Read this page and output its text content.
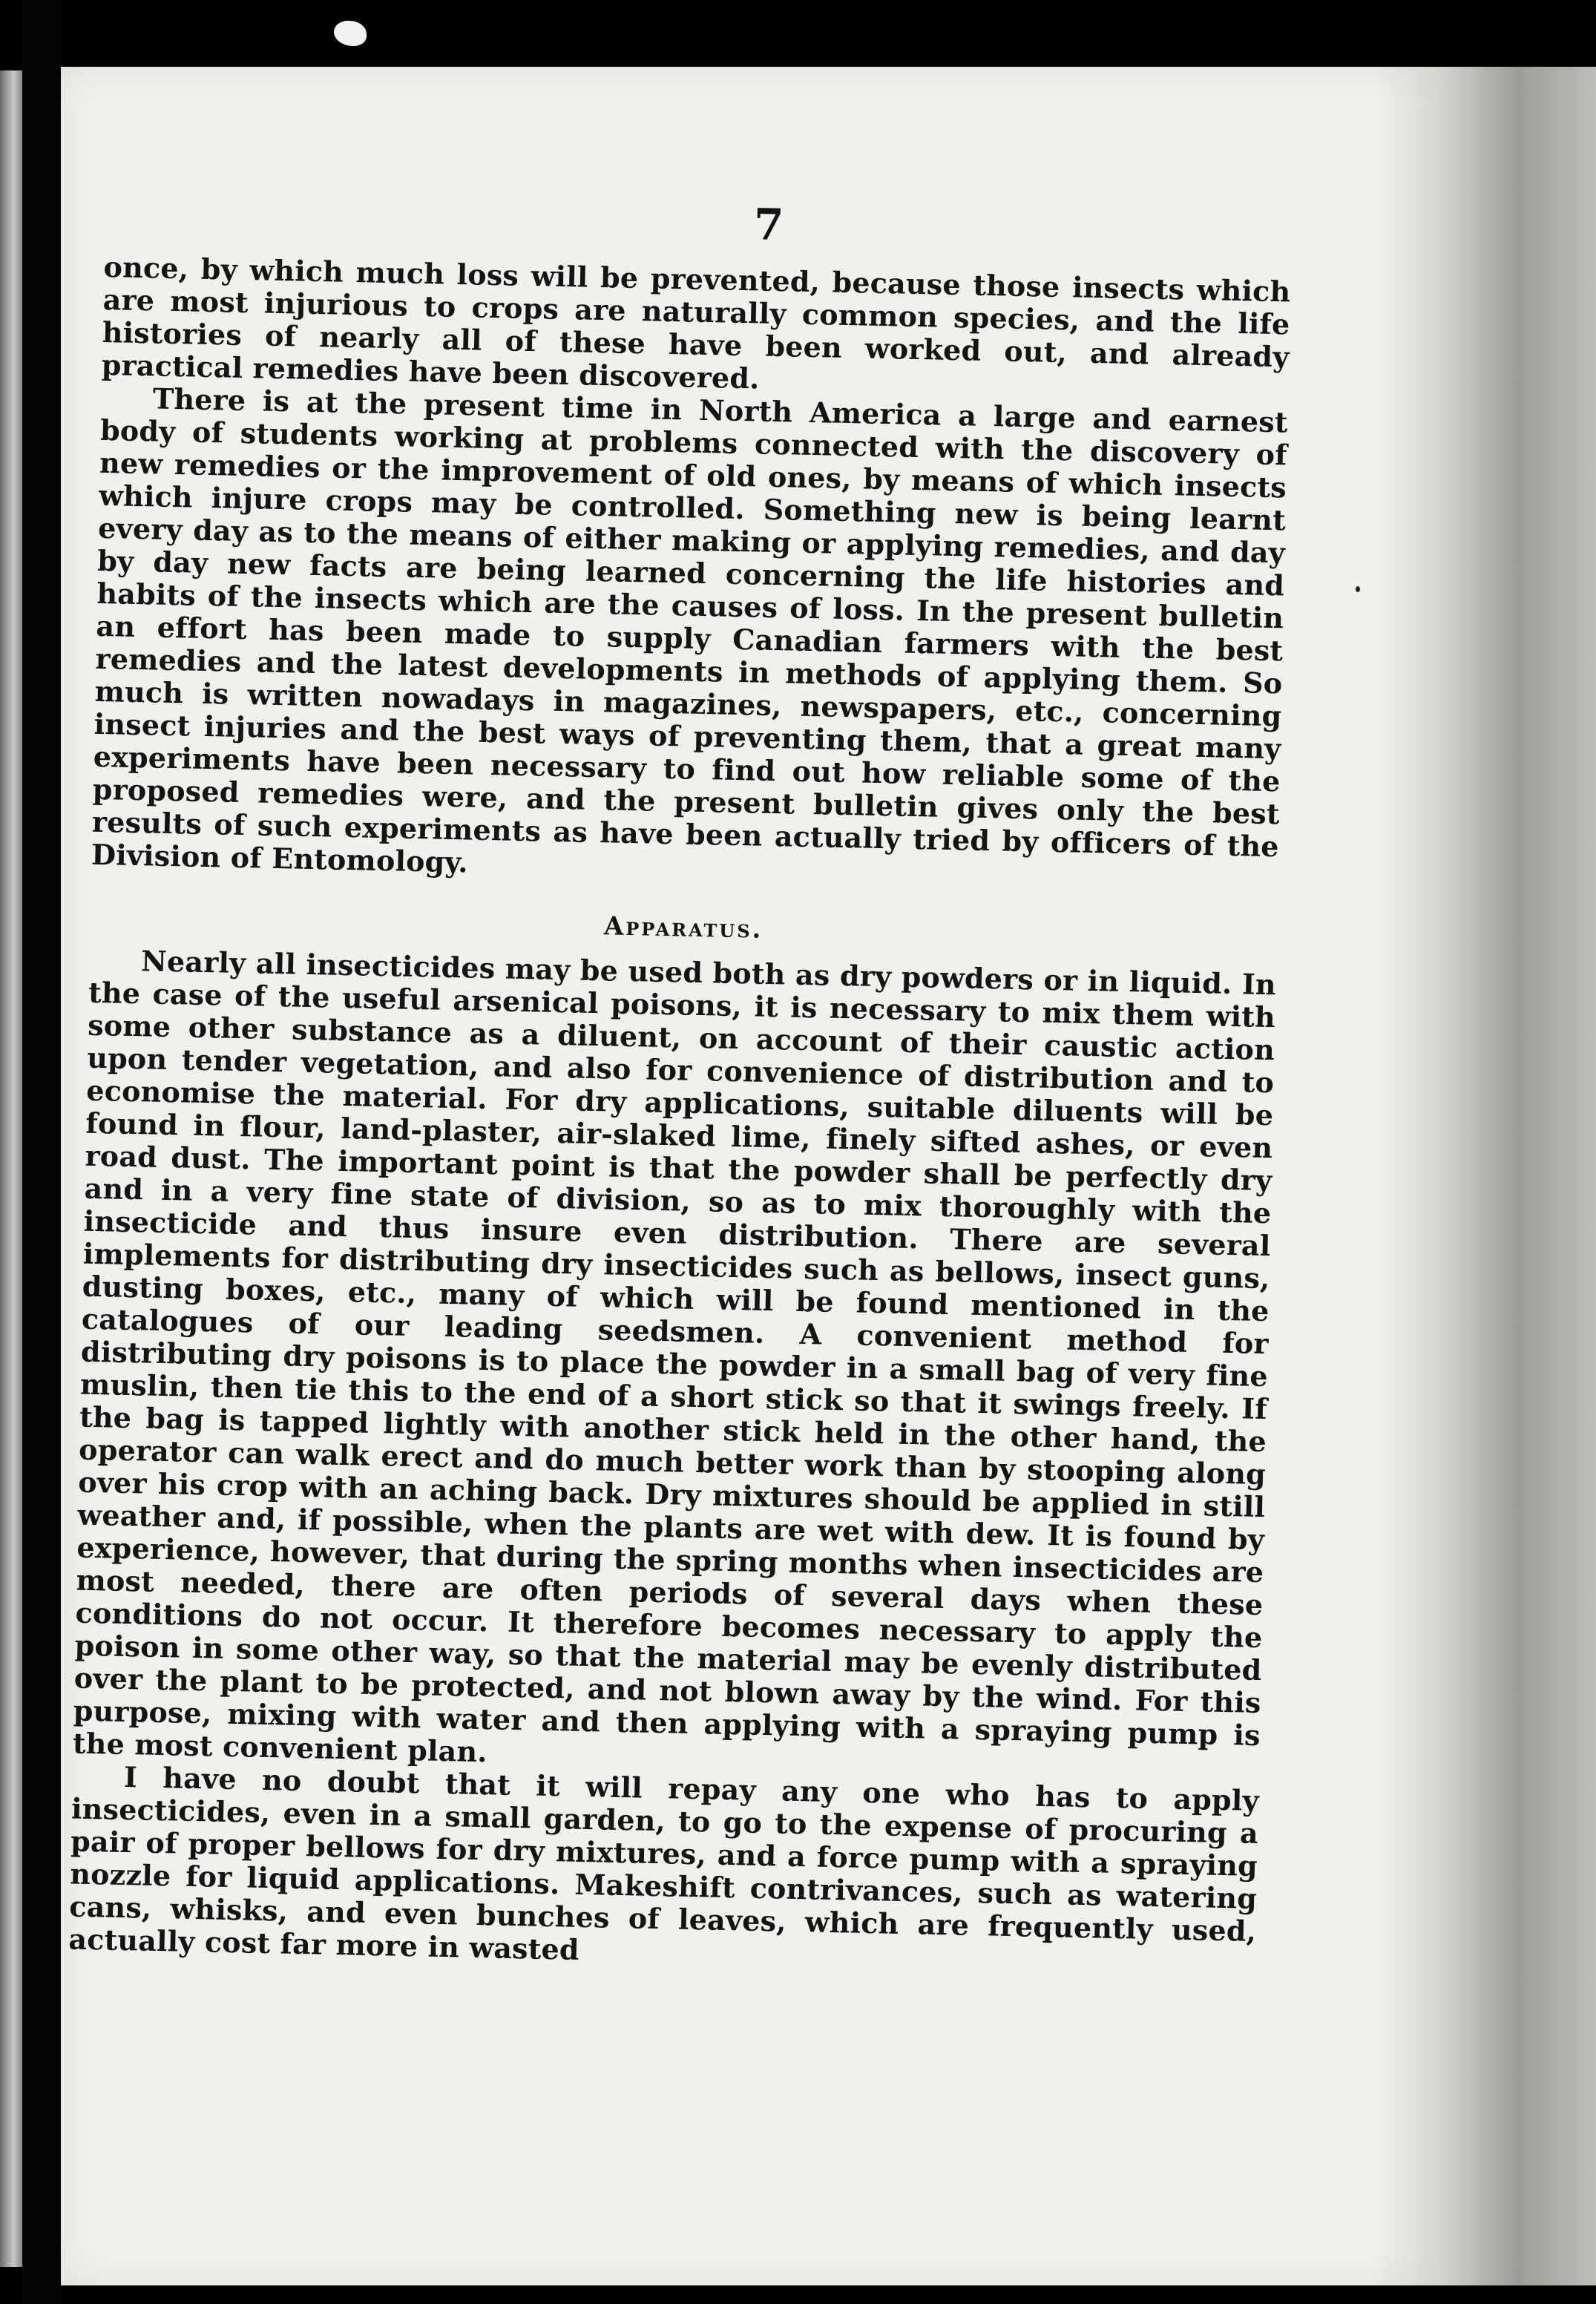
7

once, by which much loss will be prevented, because those insects which are most injurious to crops are naturally common species, and the life histories of nearly all of these have been worked out, and already practical remedies have been discovered.

There is at the present time in North America a large and earnest body of students working at problems connected with the discovery of new remedies or the improvement of old ones, by means of which insects which injure crops may be controlled. Something new is being learnt every day as to the means of either making or applying remedies, and day by day new facts are being learned concerning the life histories and habits of the insects which are the causes of loss. In the present bulletin an effort has been made to supply Canadian farmers with the best remedies and the latest developments in methods of applying them. So much is written nowadays in magazines, newspapers, etc., concerning insect injuries and the best ways of preventing them, that a great many experiments have been necessary to find out how reliable some of the proposed remedies were, and the present bulletin gives only the best results of such experiments as have been actually tried by officers of the Division of Entomology.

Apparatus.

Nearly all insecticides may be used both as dry powders or in liquid. In the case of the useful arsenical poisons, it is necessary to mix them with some other substance as a diluent, on account of their caustic action upon tender vegetation, and also for convenience of distribution and to economise the material. For dry applications, suitable diluents will be found in flour, land-plaster, air-slaked lime, finely sifted ashes, or even road dust. The important point is that the powder shall be perfectly dry and in a very fine state of division, so as to mix thoroughly with the insecticide and thus insure even distribution. There are several implements for distributing dry insecticides such as bellows, insect guns, dusting boxes, etc., many of which will be found mentioned in the catalogues of our leading seedsmen. A convenient method for distributing dry poisons is to place the powder in a small bag of very fine muslin, then tie this to the end of a short stick so that it swings freely. If the bag is tapped lightly with another stick held in the other hand, the operator can walk erect and do much better work than by stooping along over his crop with an aching back. Dry mixtures should be applied in still weather and, if possible, when the plants are wet with dew. It is found by experience, however, that during the spring months when insecticides are most needed, there are often periods of several days when these conditions do not occur. It therefore becomes necessary to apply the poison in some other way, so that the material may be evenly distributed over the plant to be protected, and not blown away by the wind. For this purpose, mixing with water and then applying with a spraying pump is the most convenient plan.

I have no doubt that it will repay any one who has to apply insecticides, even in a small garden, to go to the expense of procuring a pair of proper bellows for dry mixtures, and a force pump with a spraying nozzle for liquid applications. Makeshift contrivances, such as watering cans, whisks, and even bunches of leaves, which are frequently used, actually cost far more in wasted
